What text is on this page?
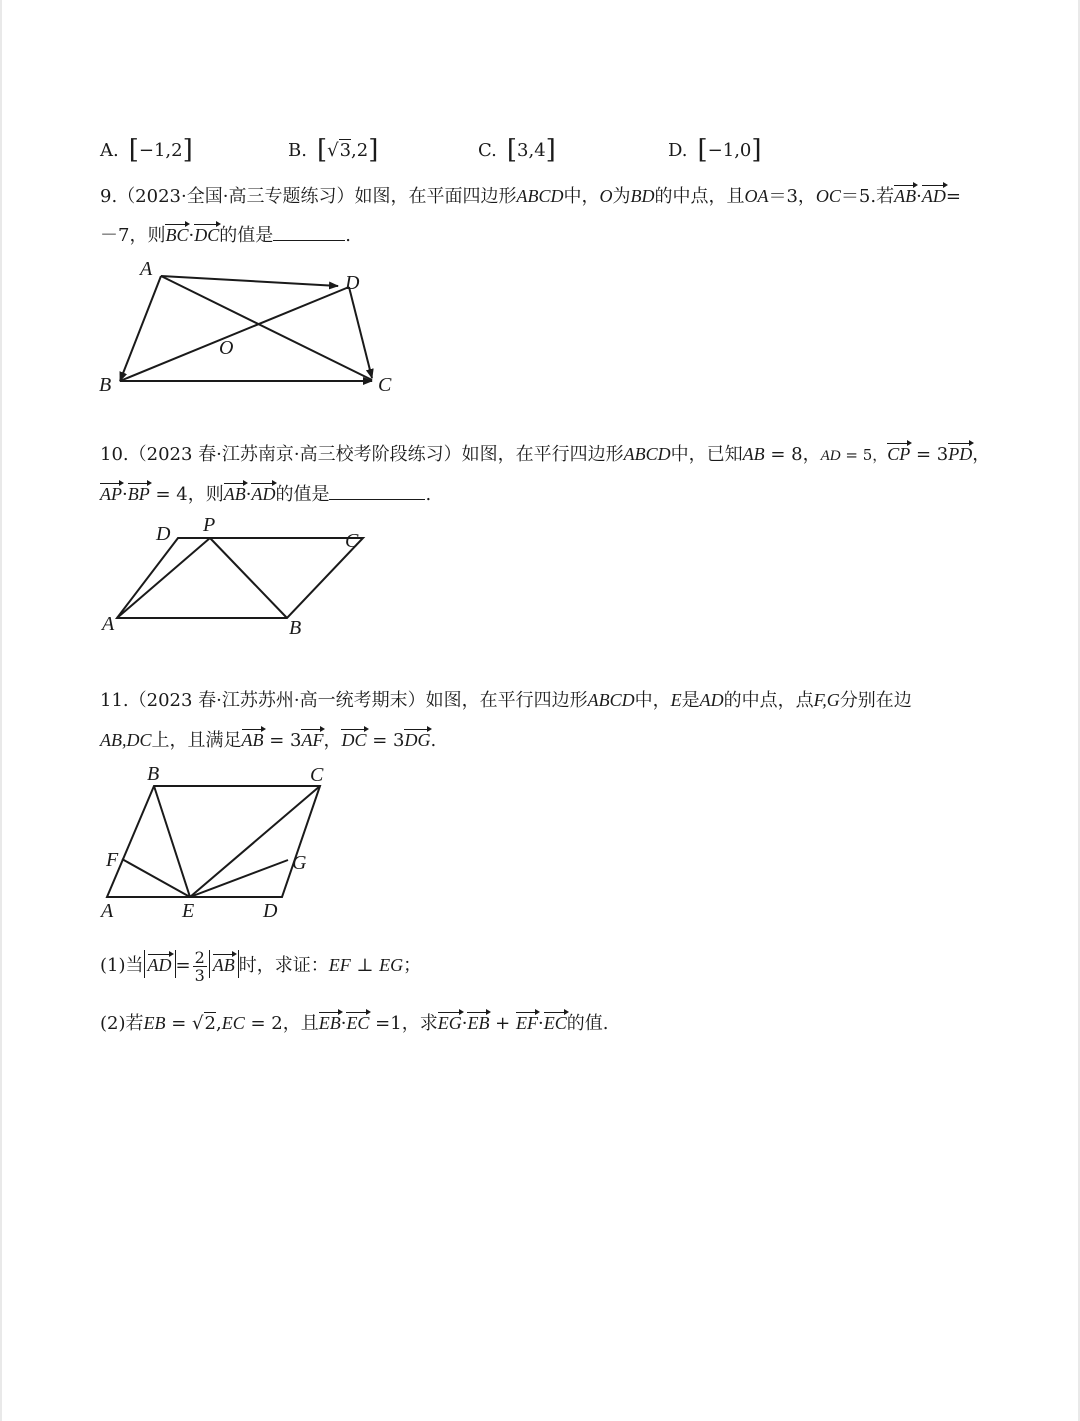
A. [−1,2]	B. [√3,2]	C. [3,4]	D. [−1,0]
9.（2023·全国·高三专题练习）如图，在平面四边形ABCD中，O为BD的中点，且OA＝3，OC＝5.若AB·AD=
－7，则BC·DC的值是	.
A
D
O
B	C
10.（2023 春·江苏南京·高三校考阶段练习）如图，在平行四边形ABCD中，已知AB = 8，AD = 5，CP = 3PD，
AP·BP = 4，则AB·AD的值是	.
D P
C
A	B
11.（2023 春·江苏苏州·高一统考期末）如图，在平行四边形ABCD中，E是AD的中点，点F,G分别在边
AB,DC上，且满足AB = 3AF，DC = 3DG.
B	C
F	G
A	E	D
(1)当 AD = $\frac{2}{3}$ AB 时，求证：EF ⊥ EG；
(2)若EB = √2,EC = 2，且EB·EC =1，求EG·EB + EF·EC的值.
